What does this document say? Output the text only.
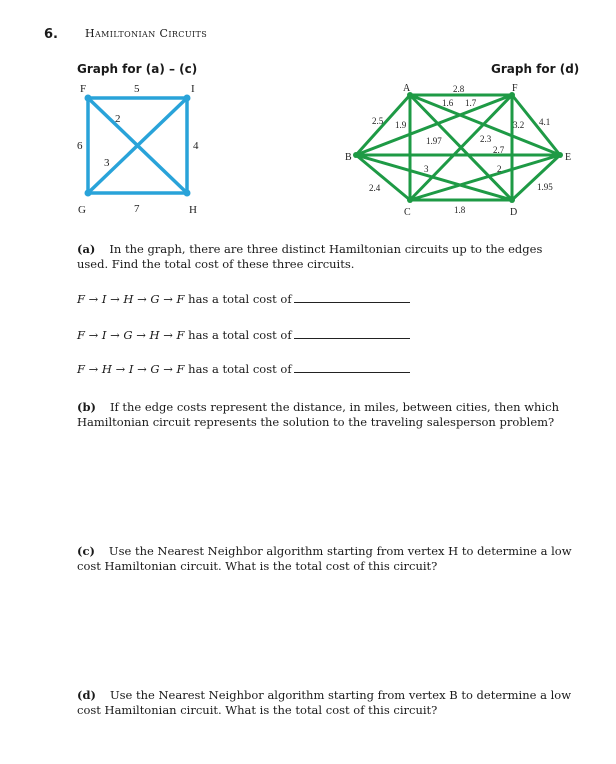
6. Hamiltonian Circuits
Graph for (a) – (c)	Graph for (d)
F	I
G	H
5
6	4
7
3
2
A	F
B	E
C	D
2.8
1.6 1.7
2.5 1.9
1.97	2.3
2.7
3.2 4.1
3	2
2.4
1.8
1.95
(a) In the graph, there are three distinct Hamiltonian circuits up to the edges used. Find the total cost of these three circuits.
F → I → H → G → F has a total cost of
F → I → G → H → F has a total cost of
F → H → I → G → F has a total cost of
(b) If the edge costs represent the distance, in miles, between cities, then which Hamiltonian circuit represents the solution to the traveling salesperson problem?
(c) Use the Nearest Neighbor algorithm starting from vertex H to determine a low cost Hamiltonian circuit. What is the total cost of this circuit?
(d) Use the Nearest Neighbor algorithm starting from vertex B to determine a low cost Hamiltonian circuit. What is the total cost of this circuit?
